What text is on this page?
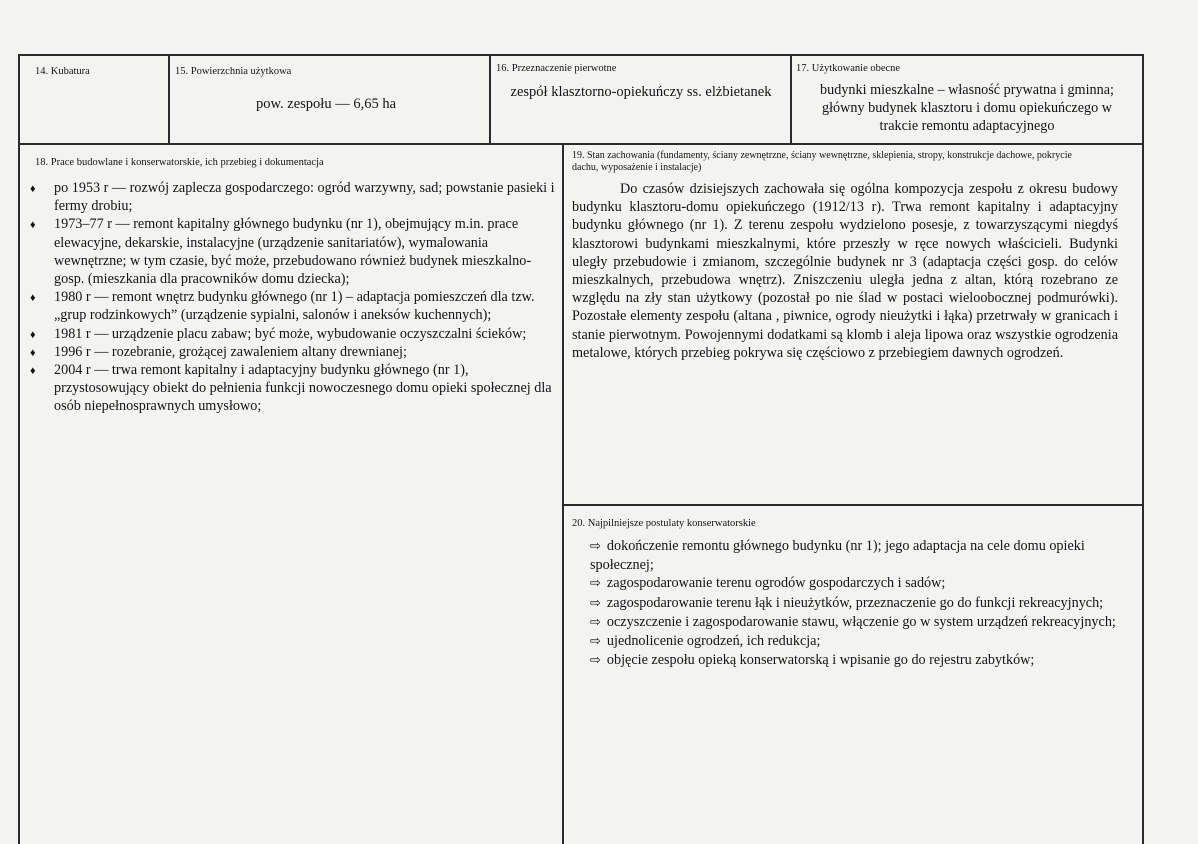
14. Kubatura	15. Powierzchnia użytkowa
pow. zespołu — 6,65 ha
16. Przeznaczenie pierwotne
zespół klasztorno-opiekuńczy ss. elżbietanek
17. Użytkowanie obecne
budynki mieszkalne – własność prywatna i gminna;
główny budynek klasztoru i domu opiekuńczego w
trakcie remontu adaptacyjnego
18. Prace budowlane i konserwatorskie, ich przebieg i dokumentacja
♦ po 1953 r — rozwój zaplecza gospodarczego: ogród warzywny, sad; powstanie pasieki i fermy drobiu;
♦ 1973–77 r — remont kapitalny głównego budynku (nr 1), obejmujący m.in. prace elewacyjne, dekarskie, instalacyjne (urządzenie sanitariatów), wymalowania wewnętrzne; w tym czasie, być może, przebudowano również budynek mieszkalno-gosp. (mieszkania dla pracowników domu dziecka);
♦ 1980 r — remont wnętrz budynku głównego (nr 1) – adaptacja pomieszczeń dla tzw. „grup rodzinkowych” (urządzenie sypialni, salonów i aneksów kuchennych);
♦ 1981 r — urządzenie placu zabaw; być może, wybudowanie oczyszczalni ścieków;
♦ 1996 r — rozebranie, grożącej zawaleniem altany drewnianej;
♦ 2004 r — trwa remont kapitalny i adaptacyjny budynku głównego (nr 1), przystosowujący obiekt do pełnienia funkcji nowoczesnego domu opieki społecznej dla osób niepełnosprawnych umysłowo;
19. Stan zachowania (fundamenty, ściany zewnętrzne, ściany wewnętrzne, sklepienia, stropy, konstrukcje dachowe, pokrycie
dachu, wyposażenie i instalacje)
Do czasów dzisiejszych zachowała się ogólna kompozycja zespołu z okresu budowy budynku klasztoru-domu opiekuńczego (1912/13 r). Trwa remont kapitalny i adaptacyjny budynku głównego (nr 1). Z terenu zespołu wydzielono posesje, z towarzyszącymi niegdyś klasztorowi budynkami mieszkalnymi, które przeszły w ręce nowych właścicieli. Budynki uległy przebudowie i zmianom, szczególnie budynek nr 3 (adaptacja części gosp. do celów mieszkalnych, przebudowa wnętrz). Zniszczeniu uległa jedna z altan, którą rozebrano ze względu na zły stan użytkowy (pozostał po nie ślad w postaci wieloobocznej podmurówki). Pozostałe elementy zespołu (altana , piwnice, ogrody nieużytki i łąka) przetrwały w granicach i stanie pierwotnym. Powojennymi dodatkami są klomb i aleja lipowa oraz wszystkie ogrodzenia metalowe, których przebieg pokrywa się częściowo z przebiegiem dawnych ogrodzeń.
20. Najpilniejsze postulaty konserwatorskie
⇨ dokończenie remontu głównego budynku (nr 1); jego adaptacja na cele domu opieki społecznej;
⇨ zagospodarowanie terenu ogrodów gospodarczych i sadów;
⇨ zagospodarowanie terenu łąk i nieużytków, przeznaczenie go do funkcji rekreacyjnych;
⇨ oczyszczenie i zagospodarowanie stawu, włączenie go w system urządzeń rekreacyjnych;
⇨ ujednolicenie ogrodzeń, ich redukcja;
⇨ objęcie zespołu opieką konserwatorską i wpisanie go do rejestru zabytków;
